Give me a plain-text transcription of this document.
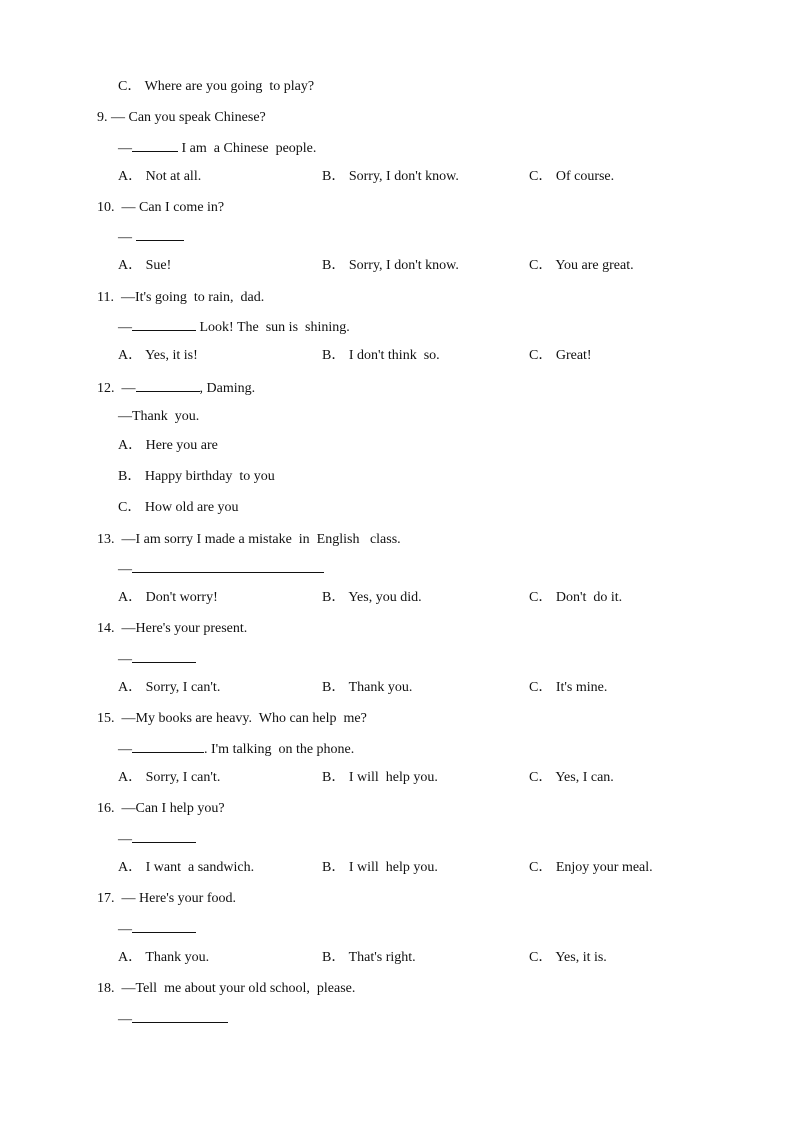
C． Where are you going  to play?
9. — Can you speak Chinese?
—	I am  a Chinese  people.
A． Not at all.	B． Sorry, I don't know.	C． Of course.
10.  — Can I come in?
—
A． Sue!	B． Sorry, I don't know.	C． You are great.
11.  —It's going  to rain,  dad.
—	Look! The  sun is  shining.
A． Yes, it is!	B． I don't think  so.	C． Great!
12.  —	, Daming.
—Thank  you.
A． Here you are
B． Happy birthday  to you
C． How old are you
13.  —I am sorry I made a mistake  in  English   class.
—
A． Don't worry!	B． Yes, you did.	C． Don't  do it.
14.  —Here's your present.
—
A． Sorry, I can't.	B． Thank you.	C． It's mine.
15.  —My books are heavy.  Who can help  me?
—	. I'm talking  on the phone.
A． Sorry, I can't.	B． I will  help you.	C． Yes, I can.
16.  —Can I help you?
—
A． I want  a sandwich.	B． I will  help you.	C． Enjoy your meal.
17.  — Here's your food.
—
A． Thank you.	B． That's right.	C． Yes, it is.
18.  —Tell  me about your old school,  please.
—
